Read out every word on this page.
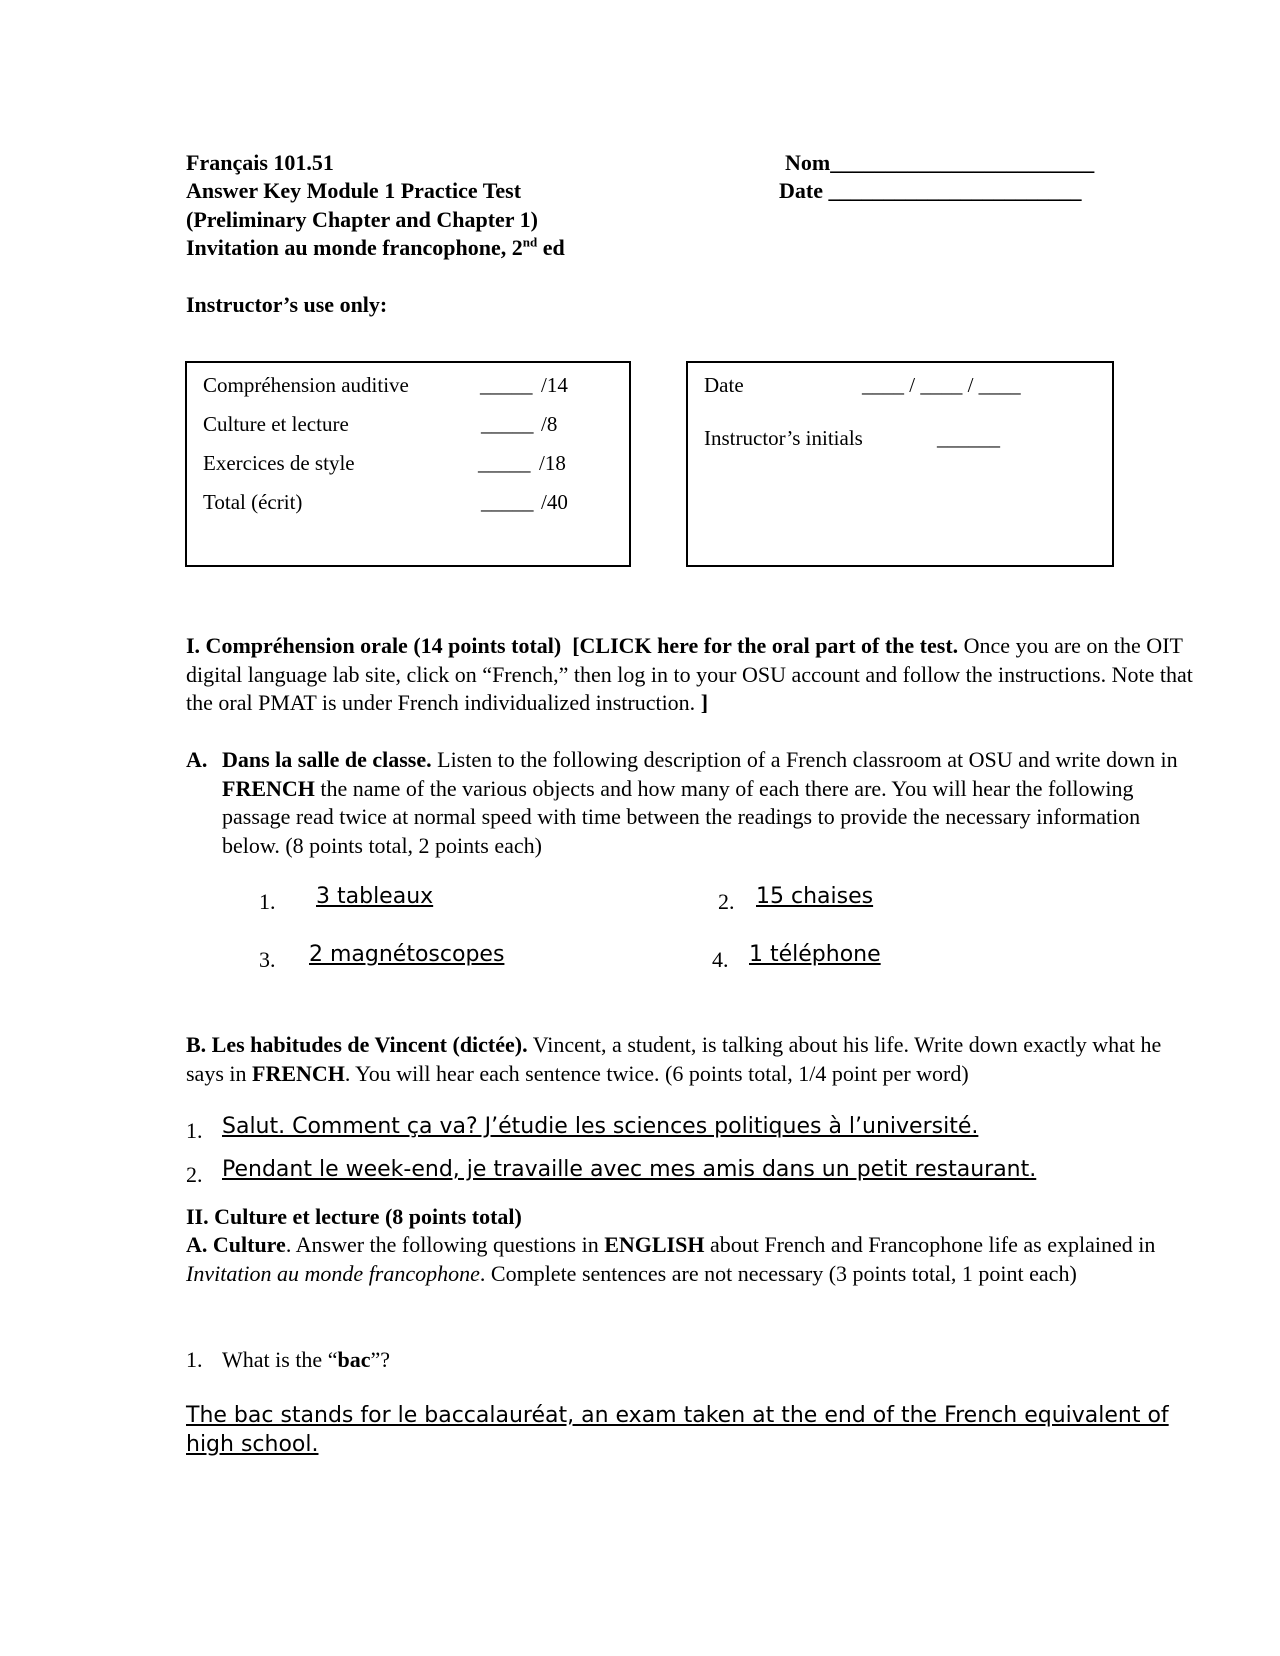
Français 101.51
Answer Key Module 1 Practice Test
(Preliminary Chapter and Chapter 1)
Invitation au monde francophone, 2nd ed
Nom________________________
Date _______________________
Instructor’s use only:
Compréhension auditive	_____ /14
Culture et lecture	_____ /8
Exercices de style	_____ /18
Total (écrit)	_____ /40
Date	____ / ____ / ____
Instructor’s initials	______
I. Compréhension orale (14 points total) [CLICK here for the oral part of the test. Once you are on the OIT digital language lab site, click on “French,” then log in to your OSU account and follow the instructions. Note that the oral PMAT is under French individualized instruction. ]
A. Dans la salle de classe. Listen to the following description of a French classroom at OSU and write down in FRENCH the name of the various objects and how many of each there are. You will hear the following passage read twice at normal speed with time between the readings to provide the necessary information below. (8 points total, 2 points each)
1. 3 tableaux	2. 15 chaises
3. 2 magnétoscopes	4. 1 téléphone
B. Les habitudes de Vincent (dictée). Vincent, a student, is talking about his life. Write down exactly what he says in FRENCH. You will hear each sentence twice. (6 points total, 1/4 point per word)
1. Salut. Comment ça va? J’étudie les sciences politiques à l’université.
2. Pendant le week-end, je travaille avec mes amis dans un petit restaurant.
II. Culture et lecture (8 points total)
A. Culture. Answer the following questions in ENGLISH about French and Francophone life as explained in Invitation au monde francophone. Complete sentences are not necessary (3 points total, 1 point each)
1. What is the “bac”?
The bac stands for le baccalauréat, an exam taken at the end of the French equivalent of high school.
